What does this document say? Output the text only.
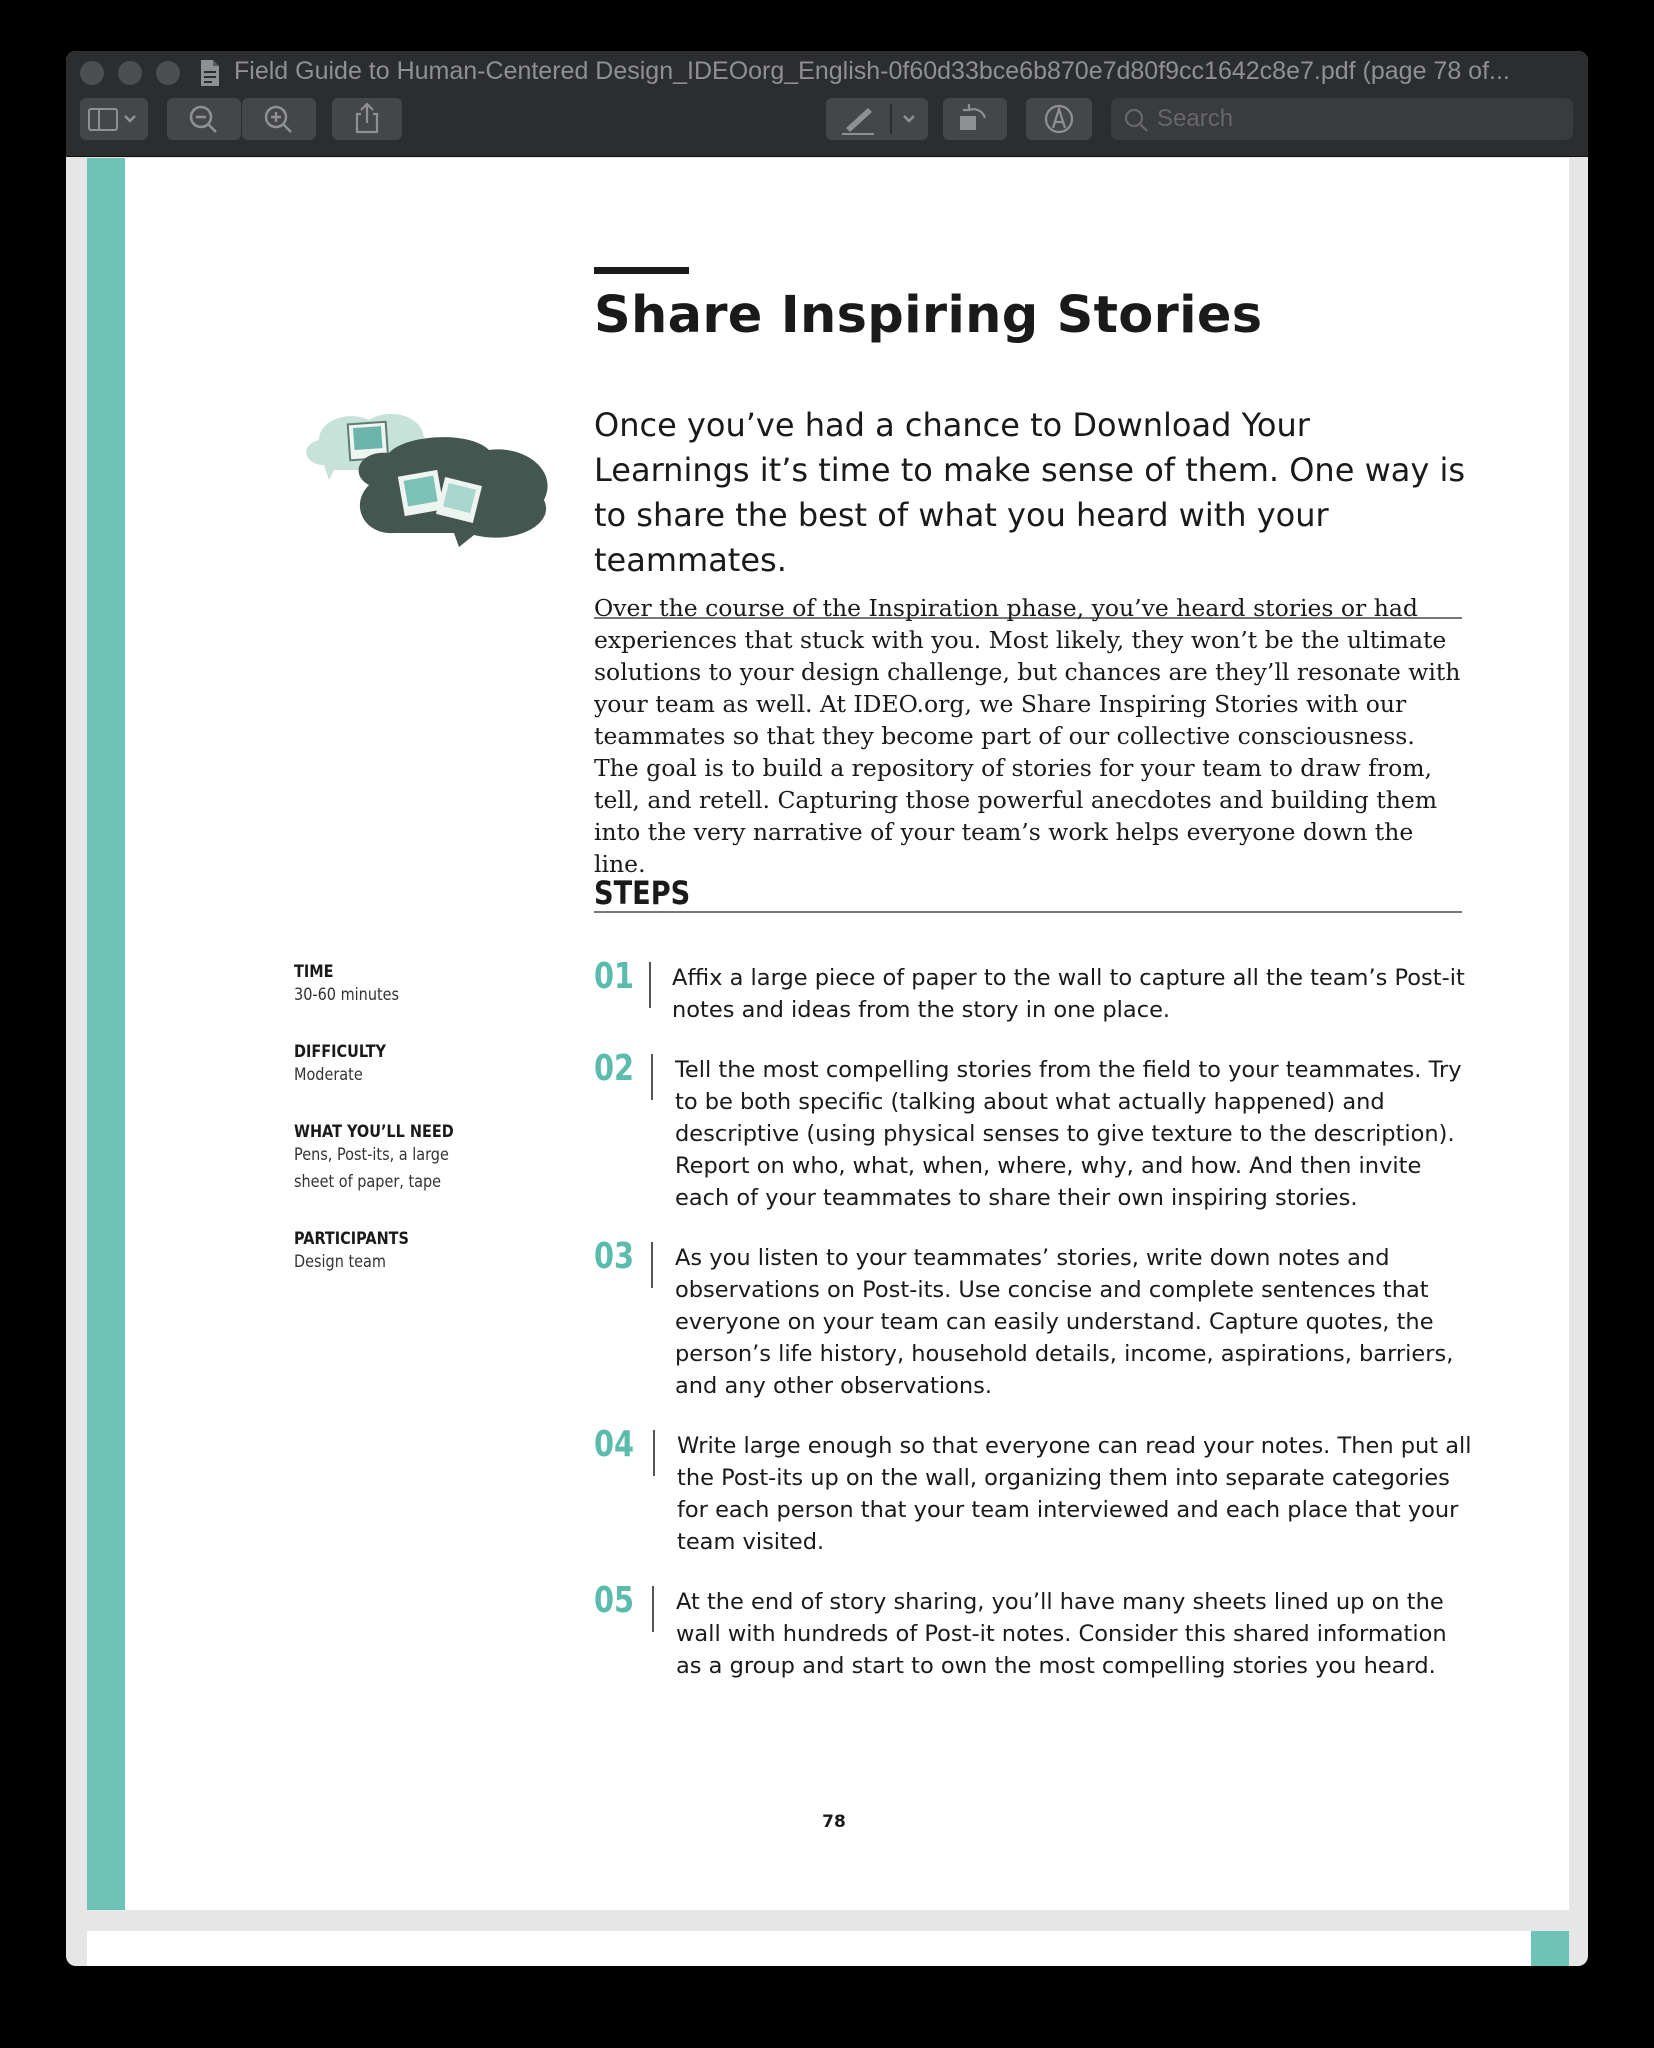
Field Guide to Human-Centered Design_IDEOorg_English-0f60d33bce6b870e7d80f9cc1642c8e7.pdf (page 78 of...
Search
Share Inspiring Stories
Once you’ve had a chance to Download Your Learnings it’s time to make sense of them. One way is to share the best of what you heard with your teammates.
Over the course of the Inspiration phase, you’ve heard stories or had experiences that stuck with you. Most likely, they won’t be the ultimate solutions to your design challenge, but chances are they’ll resonate with your team as well. At IDEO.org, we Share Inspiring Stories with our teammates so that they become part of our collective consciousness. The goal is to build a repository of stories for your team to draw from, tell, and retell. Capturing those powerful anecdotes and building them into the very narrative of your team’s work helps everyone down the line.
STEPS
TIME
30-60 minutes
DIFFICULTY
Moderate
WHAT YOU’LL NEED
Pens, Post-its, a large sheet of paper, tape
PARTICIPANTS
Design team
01 Affix a large piece of paper to the wall to capture all the team’s Post-it notes and ideas from the story in one place.
02 Tell the most compelling stories from the field to your teammates. Try to be both specific (talking about what actually happened) and descriptive (using physical senses to give texture to the description). Report on who, what, when, where, why, and how. And then invite each of your teammates to share their own inspiring stories.
03 As you listen to your teammates’ stories, write down notes and observations on Post-its. Use concise and complete sentences that everyone on your team can easily understand. Capture quotes, the person’s life history, household details, income, aspirations, barriers, and any other observations.
04 Write large enough so that everyone can read your notes. Then put all the Post-its up on the wall, organizing them into separate categories for each person that your team interviewed and each place that your team visited.
05 At the end of story sharing, you’ll have many sheets lined up on the wall with hundreds of Post-it notes. Consider this shared information as a group and start to own the most compelling stories you heard.
78
